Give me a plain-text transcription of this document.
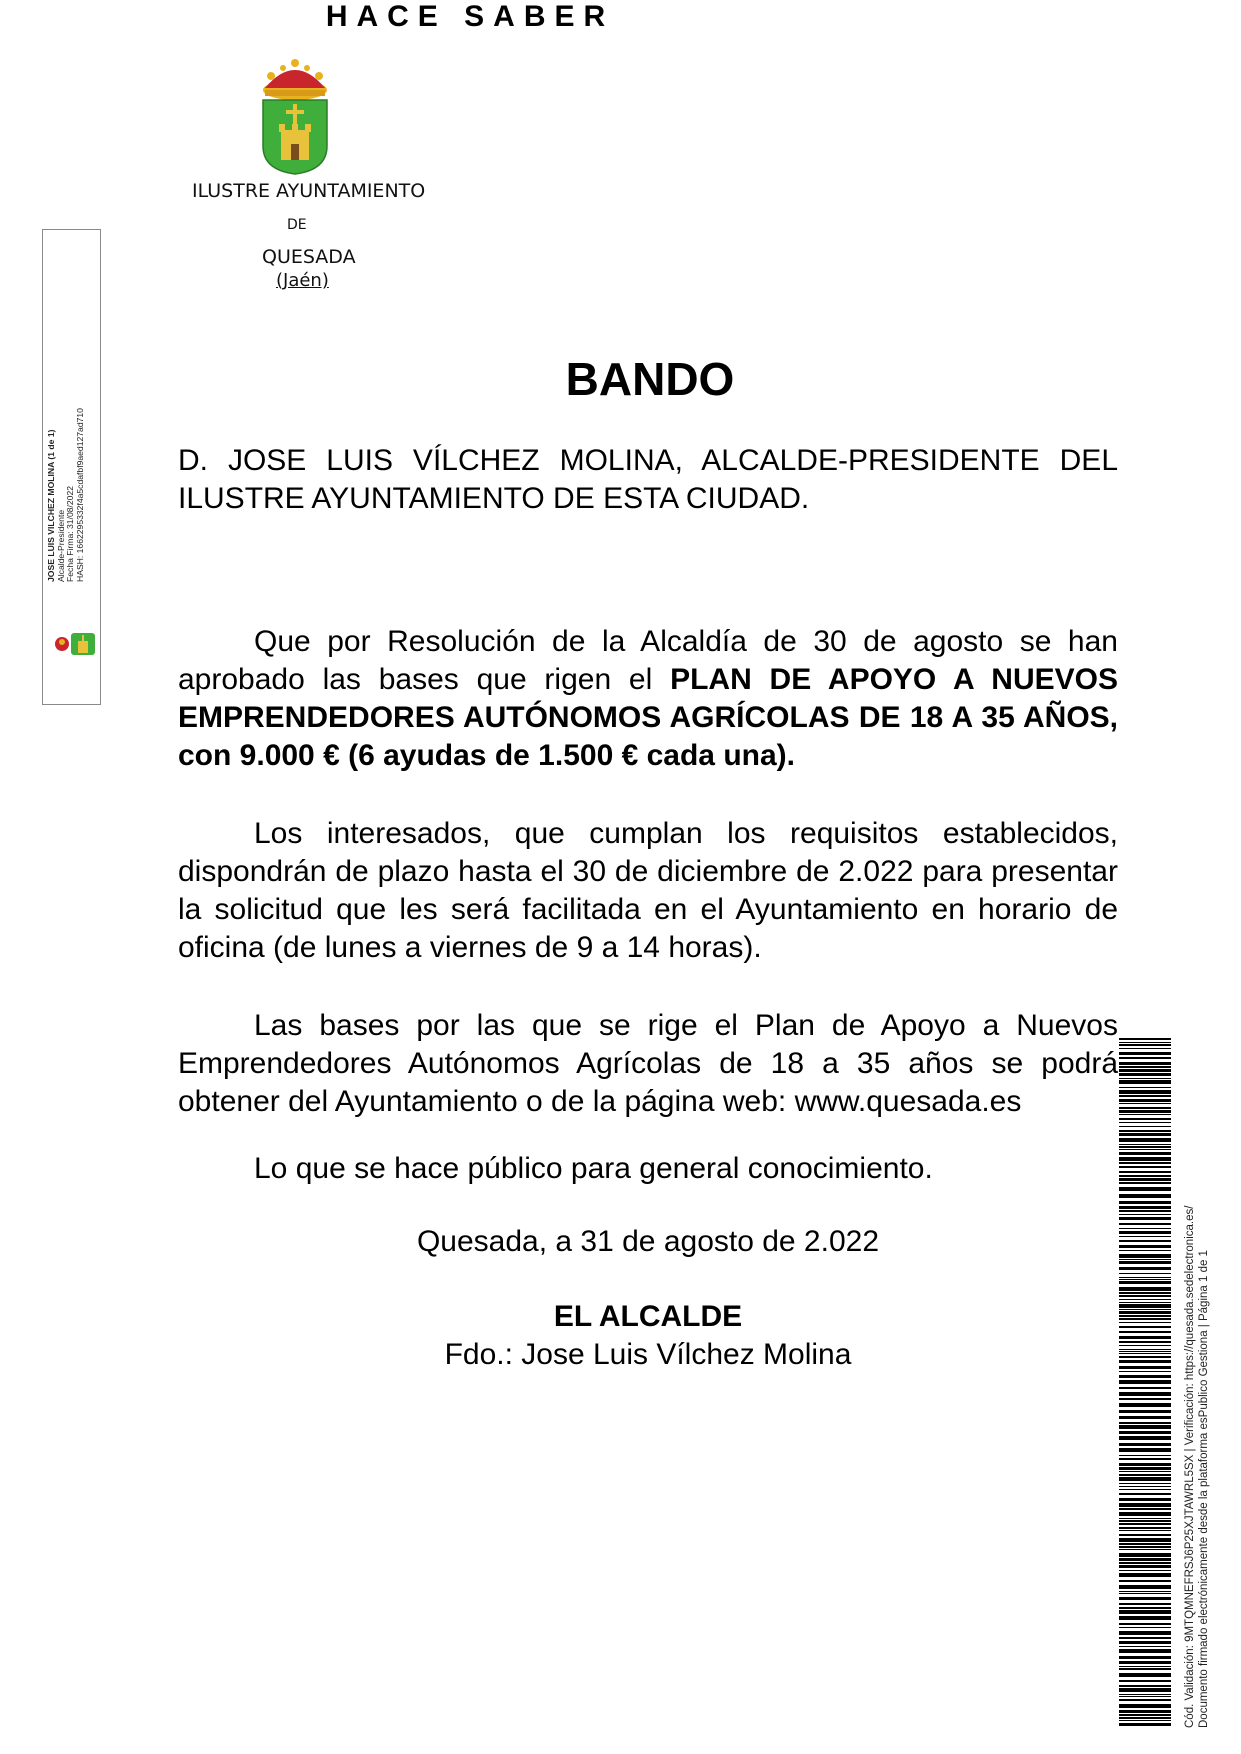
ILUSTRE AYUNTAMIENTO
DE
QUESADA
(Jaén)
JOSE LUIS VILCHEZ MOLINA (1 de 1) Alcalde-Presidente Fecha Firma: 31/08/2022 HASH: 1662295332f4a5cdafbf9aed127ad710
BANDO
D. JOSE LUIS VÍLCHEZ MOLINA, ALCALDE-PRESIDENTE DEL ILUSTRE AYUNTAMIENTO DE ESTA CIUDAD.
HACE SABER
Que por Resolución de la Alcaldía de 30 de agosto se han aprobado las bases que rigen el PLAN DE APOYO A NUEVOS EMPRENDEDORES AUTÓNOMOS AGRÍCOLAS DE 18 A 35 AÑOS, con 9.000 € (6 ayudas de 1.500 € cada una).
Los interesados, que cumplan los requisitos establecidos, dispondrán de plazo hasta el 30 de diciembre de 2.022 para presentar la solicitud que les será facilitada en el Ayuntamiento en horario de oficina (de lunes a viernes de 9 a 14 horas).
Las bases por las que se rige el Plan de Apoyo a Nuevos Emprendedores Autónomos Agrícolas de 18 a 35 años se podrá obtener del Ayuntamiento o de la página web: www.quesada.es
Lo que se hace público para general conocimiento.
Quesada, a 31 de agosto de 2.022
EL ALCALDE
Fdo.: Jose Luis Vílchez Molina	Cód. Validación: 9MTQMNEFRSJ6P25XJTAWRL5SX | Verificación: https://quesada.sedelectronica.es/ Documento firmado electrónicamente desde la plataforma esPublico Gestiona | Página 1 de 1
